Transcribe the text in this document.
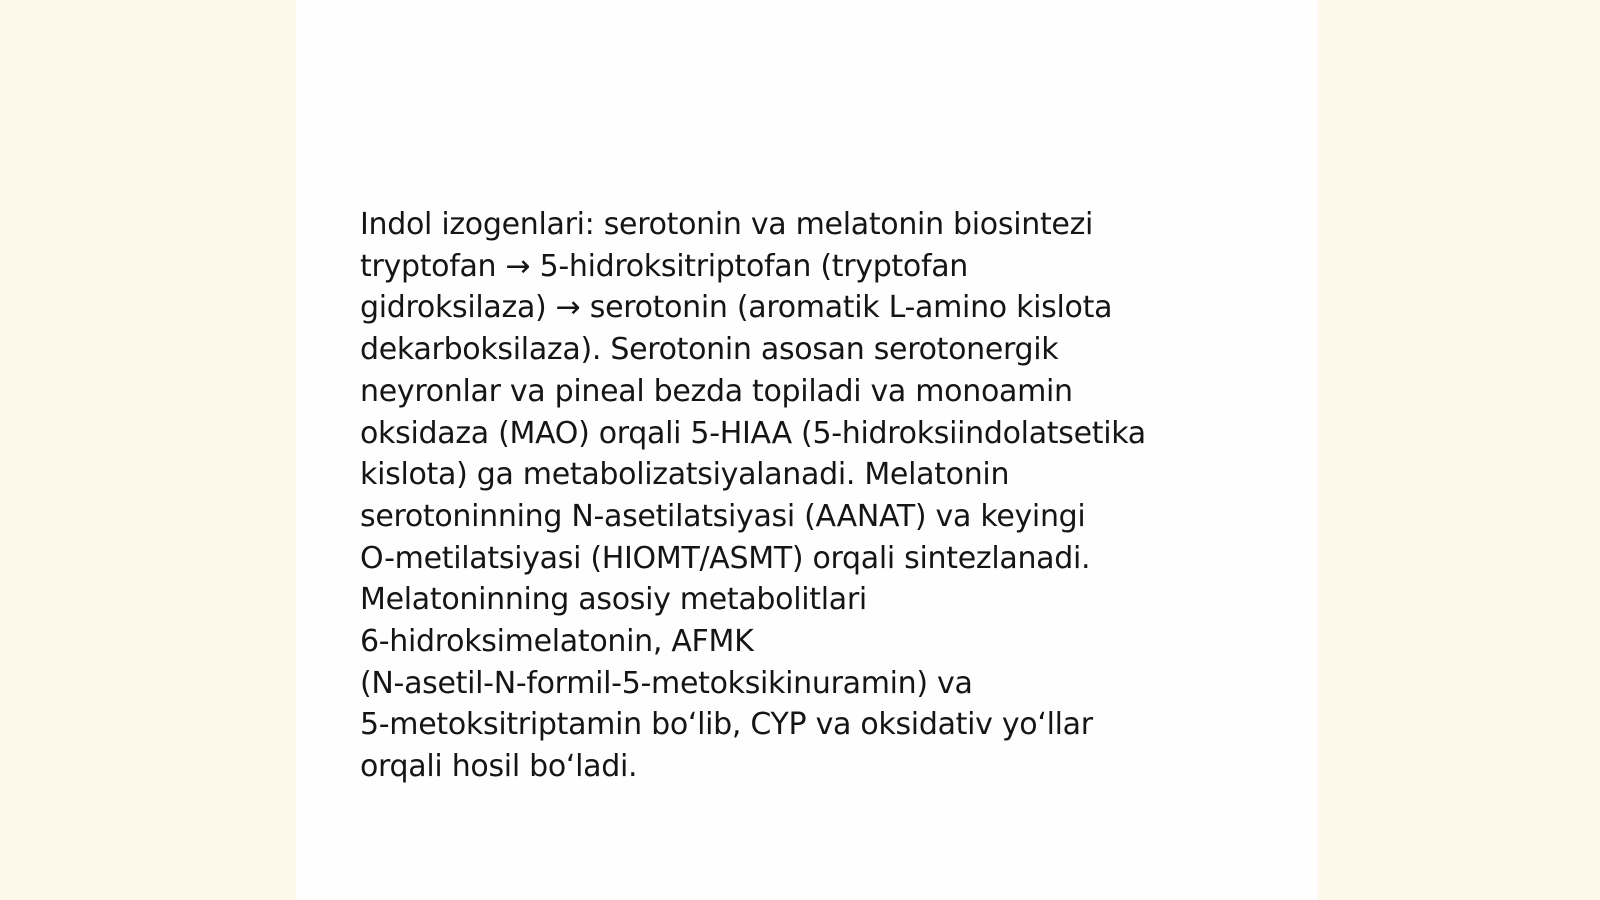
Indol izogenlari: serotonin va melatonin biosintezi
tryptofan → 5-hidroksitriptofan (tryptofan
gidroksilaza) → serotonin (aromatik L-amino kislota
dekarboksilaza). Serotonin asosan serotonergik
neyronlar va pineal bezda topiladi va monoamin
oksidaza (MAO) orqali 5-HIAA (5-hidroksiindolatsetika
kislota) ga metabolizatsiyalanadi. Melatonin
serotoninning N-asetilatsiyasi (AANAT) va keyingi
O-metilatsiyasi (HIOMT/ASMT) orqali sintezlanadi.
Melatoninning asosiy metabolitlari
6-hidroksimelatonin, AFMK
(N-asetil-N-formil-5-metoksikinuramin) va
5-metoksitriptamin bo‘lib, CYP va oksidativ yo‘llar
orqali hosil bo‘ladi.
